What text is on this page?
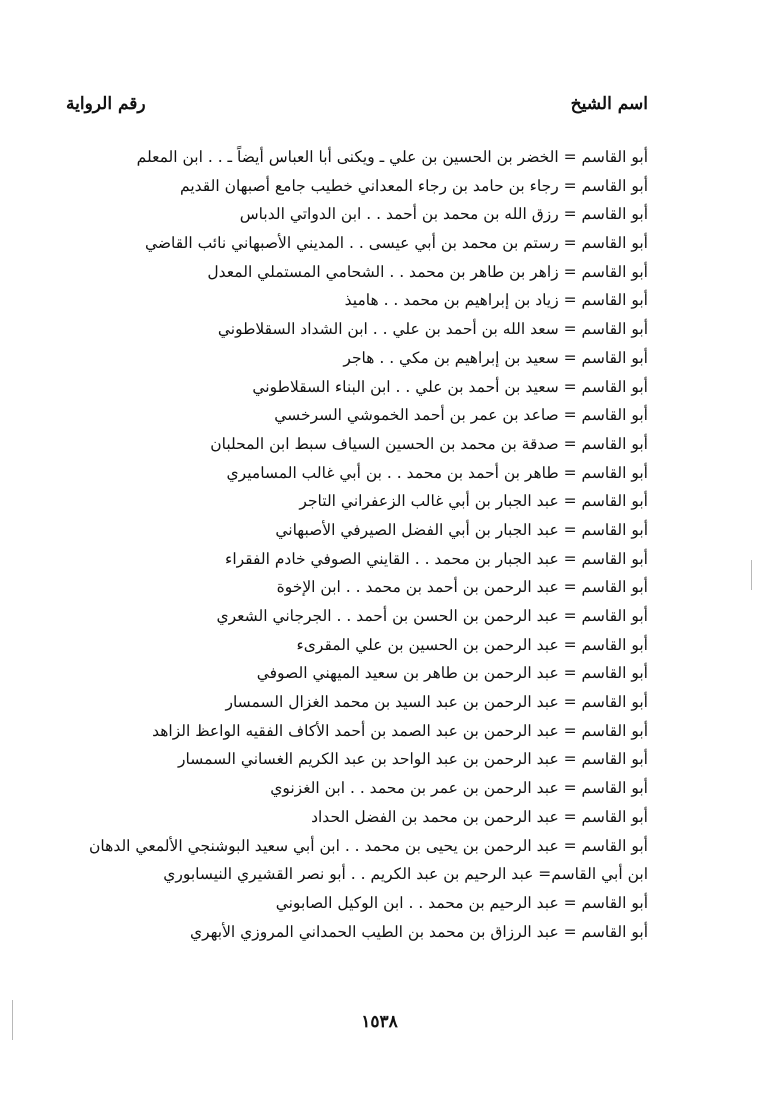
اسم الشيخ
رقم الرواية
أبو القاسم = الخضر بن الحسين بن علي ـ ويكنى أبا العباس أيضاً ـ . . ابن المعلم
أبو القاسم = رجاء بن حامد بن رجاء المعداني خطيب جامع أصبهان القديم
أبو القاسم = رزق الله بن محمد بن أحمد . . ابن الدواتي الدباس
أبو القاسم = رستم بن محمد بن أبي عيسى . . المديني الأصبهاني نائب القاضي
أبو القاسم = زاهر بن طاهر بن محمد . . الشحامي المستملي المعدل
أبو القاسم = زياد بن إبراهيم بن محمد . . هاميذ
أبو القاسم = سعد الله بن أحمد بن علي . . ابن الشداد السقلاطوني
أبو القاسم = سعيد بن إبراهيم بن مكي . . هاجر
أبو القاسم = سعيد بن أحمد بن علي . . ابن البناء السقلاطوني
أبو القاسم = صاعد بن عمر بن أحمد الخموشي السرخسي
أبو القاسم = صدقة بن محمد بن الحسين السياف سبط ابن المحلبان
أبو القاسم = طاهر بن أحمد بن محمد . . بن أبي غالب المساميري
أبو القاسم = عبد الجبار بن أبي غالب الزعفراني التاجر
أبو القاسم = عبد الجبار بن أبي الفضل الصيرفي الأصبهاني
أبو القاسم = عبد الجبار بن محمد . . القايني الصوفي خادم الفقراء
أبو القاسم = عبد الرحمن بن أحمد بن محمد . . ابن الإخوة
أبو القاسم = عبد الرحمن بن الحسن بن أحمد . . الجرجاني الشعري
أبو القاسم = عبد الرحمن بن الحسين بن علي المقرىء
أبو القاسم = عبد الرحمن بن طاهر بن سعيد الميهني الصوفي
أبو القاسم = عبد الرحمن بن عبد السيد بن محمد الغزال السمسار
أبو القاسم = عبد الرحمن بن عبد الصمد بن أحمد الأكاف الفقيه الواعظ الزاهد
أبو القاسم = عبد الرحمن بن عبد الواحد بن عبد الكريم الغساني السمسار
أبو القاسم = عبد الرحمن بن عمر بن محمد . . ابن الغزنوي
أبو القاسم = عبد الرحمن بن محمد بن الفضل الحداد
أبو القاسم = عبد الرحمن بن يحيى بن محمد . . ابن أبي سعيد البوشنجي الألمعي الدهان
ابن أبي القاسم= عبد الرحيم بن عبد الكريم . . أبو نصر القشيري النيسابوري
أبو القاسم = عبد الرحيم بن محمد . . ابن الوكيل الصابوني
أبو القاسم = عبد الرزاق بن محمد بن الطيب الحمداني المروزي الأبهري
١٥٣٨
